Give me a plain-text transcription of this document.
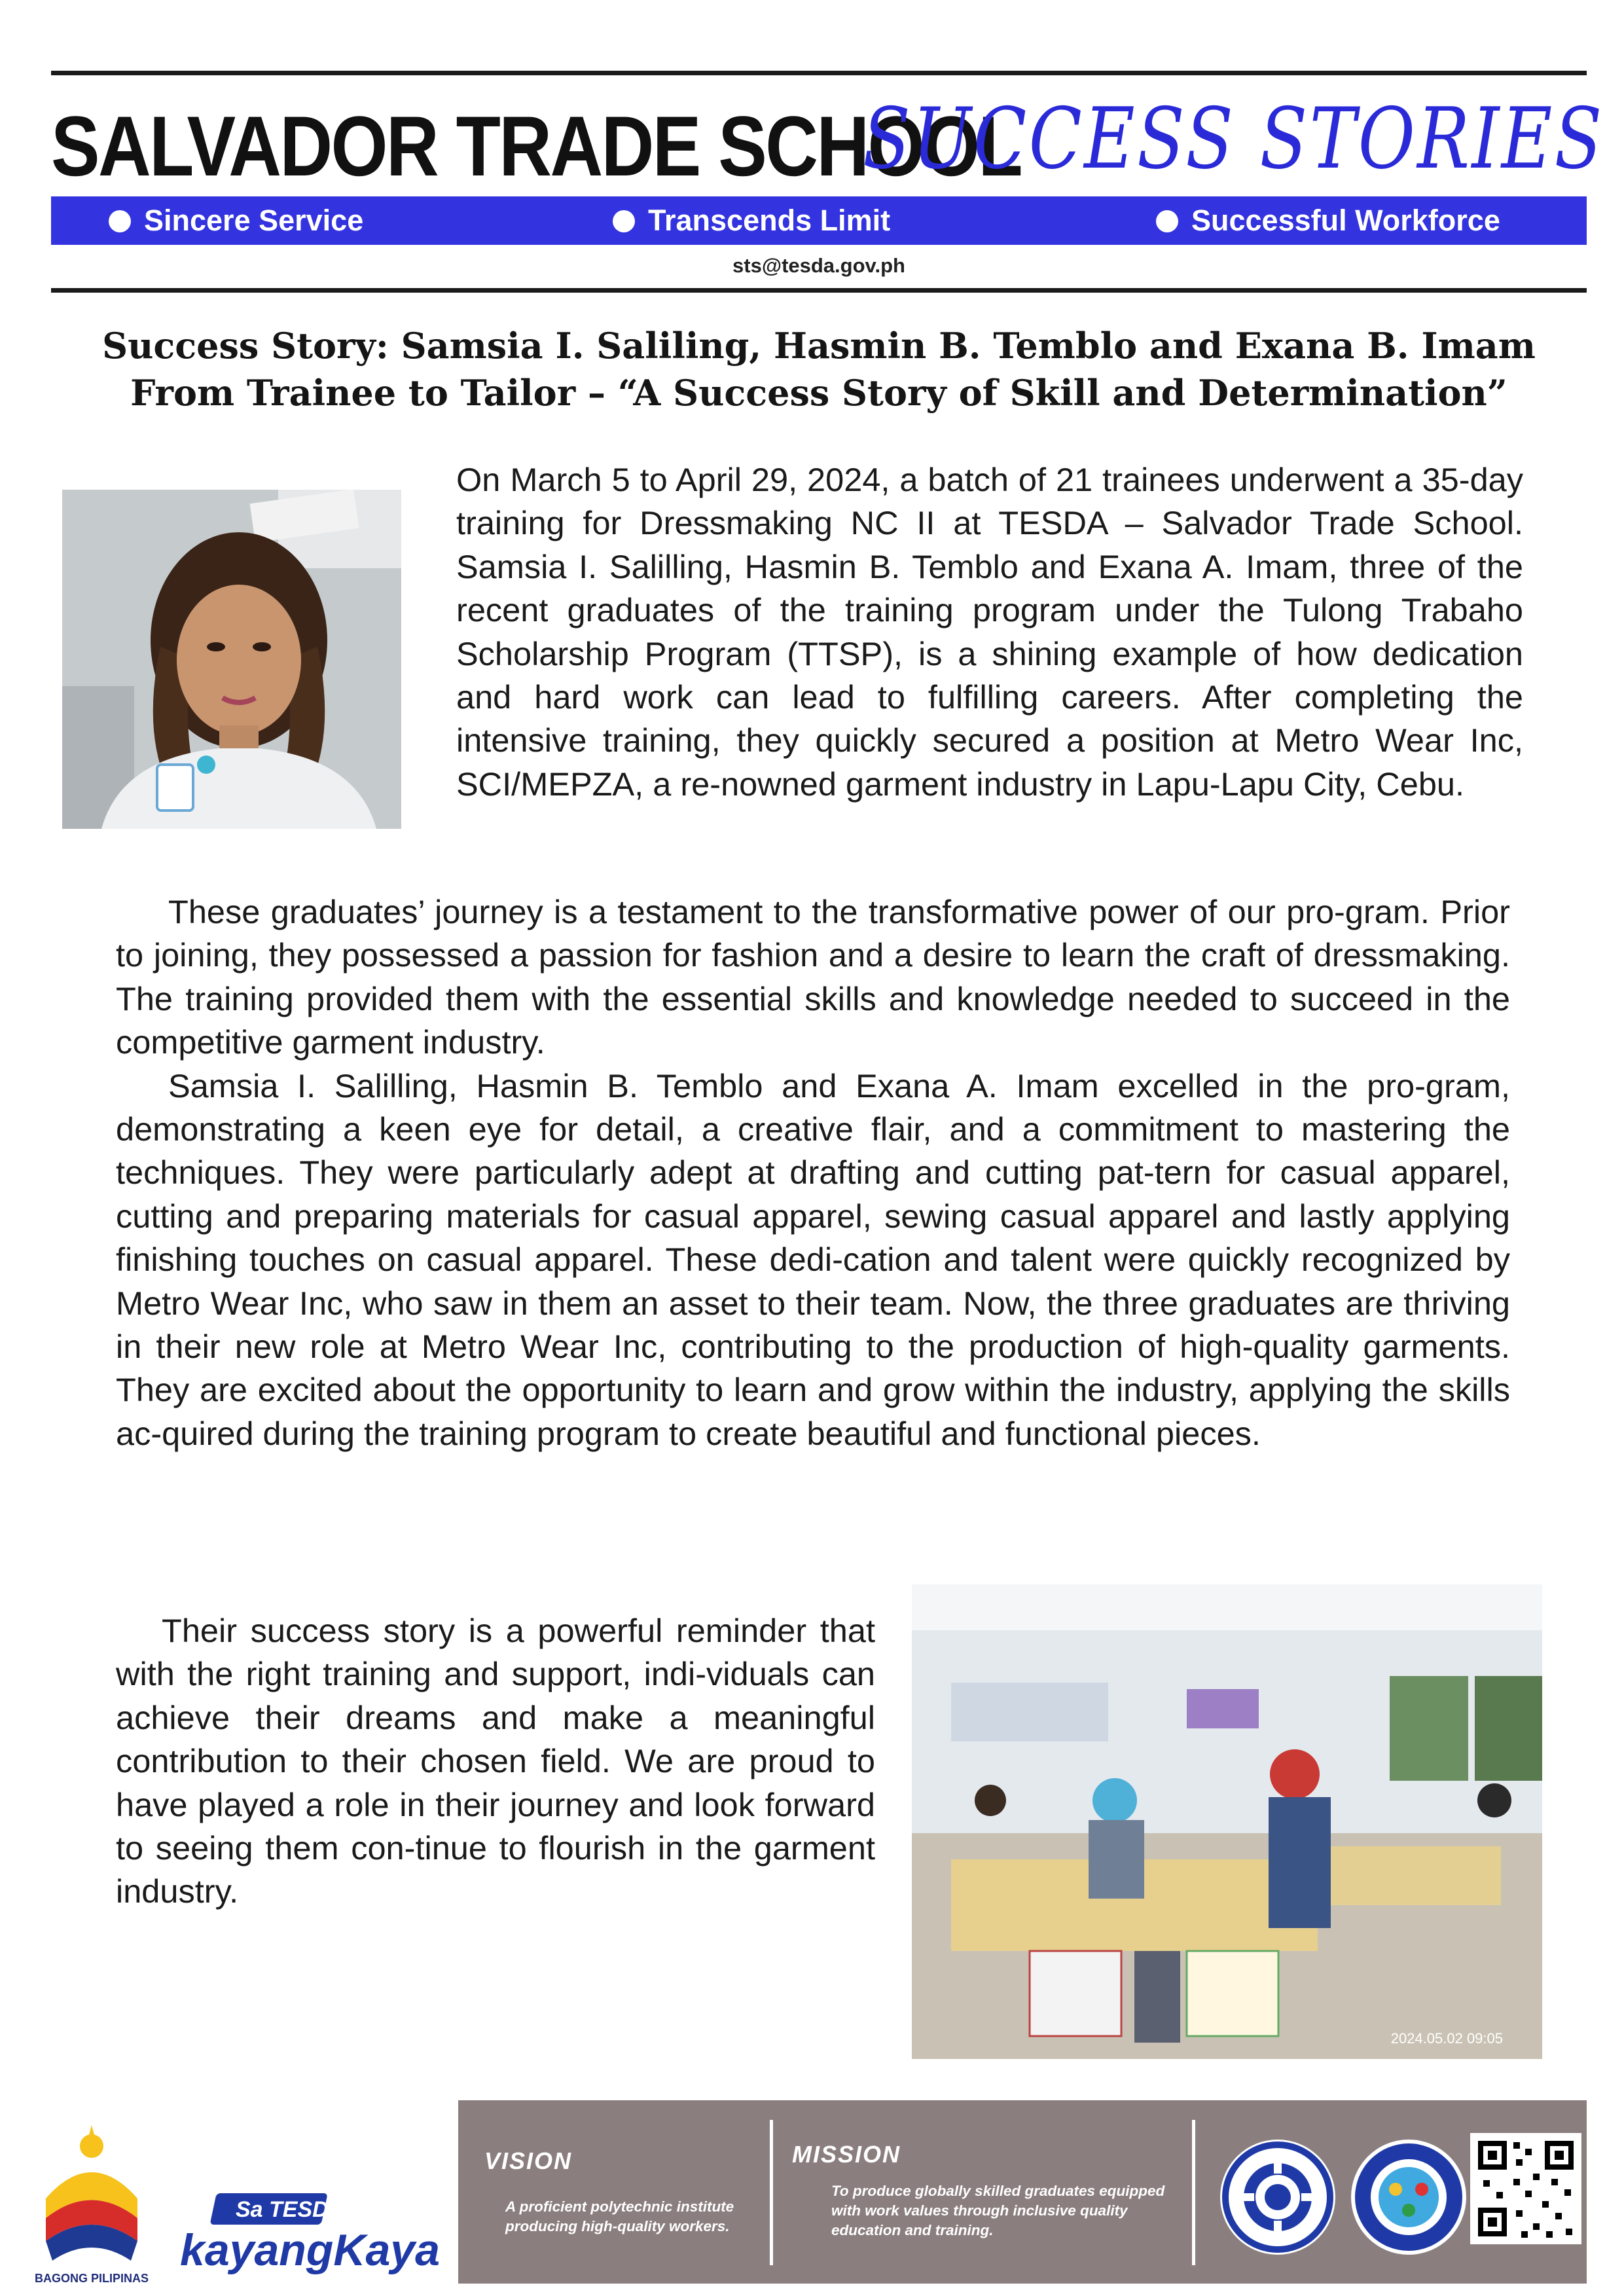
SALVADOR TRADE SCHOOL
SUCCESS STORIES
Sincere Service	Transcends Limit	Successful Workforce
sts@tesda.gov.ph
Success Story: Samsia I. Saliling, Hasmin B. Temblo and Exana B. Imam
From Trainee to Tailor – “A Success Story of Skill and Determination”
On March 5 to April 29, 2024, a batch of 21 trainees underwent a 35-day training for Dressmaking NC II at TESDA – Salvador Trade School. Samsia I. Salilling, Hasmin B. Temblo and Exana A. Imam, three of the recent graduates of the training program under the Tulong Trabaho Scholarship Program (TTSP), is a shining example of how dedication and hard work can lead to fulfilling careers. After completing the intensive training, they quickly secured a position at Metro Wear Inc, SCI/MEPZA, a re-nowned garment industry in Lapu-Lapu City, Cebu.
These graduates’ journey is a testament to the transformative power of our pro-gram. Prior to joining, they possessed a passion for fashion and a desire to learn the craft of dressmaking. The training provided them with the essential skills and knowledge needed to succeed in the competitive garment industry.
Samsia I. Salilling, Hasmin B. Temblo and Exana A. Imam excelled in the pro-gram, demonstrating a keen eye for detail, a creative flair, and a commitment to mastering the techniques. They were particularly adept at drafting and cutting pat-tern for casual apparel, cutting and preparing materials for casual apparel, sewing casual apparel and lastly applying finishing touches on casual apparel. These dedi-cation and talent were quickly recognized by Metro Wear Inc, who saw in them an asset to their team. Now, the three graduates are thriving in their new role at Metro Wear Inc, contributing to the production of high-quality garments. They are excited about the opportunity to learn and grow within the industry, applying the skills ac-quired during the training program to create beautiful and functional pieces.
Their success story is a powerful reminder that with the right training and support, indi-viduals can achieve their dreams and make a meaningful contribution to their chosen field. We are proud to have played a role in their journey and look forward to seeing them con-tinue to flourish in the garment industry.
2024.05.02 09:05
BAGONG PILIPINAS
Sa TESDA,
kayangKaya
VISION
A proficient polytechnic institute producing high-quality workers.
MISSION
To produce globally skilled graduates equipped with work values through inclusive quality education and training.
